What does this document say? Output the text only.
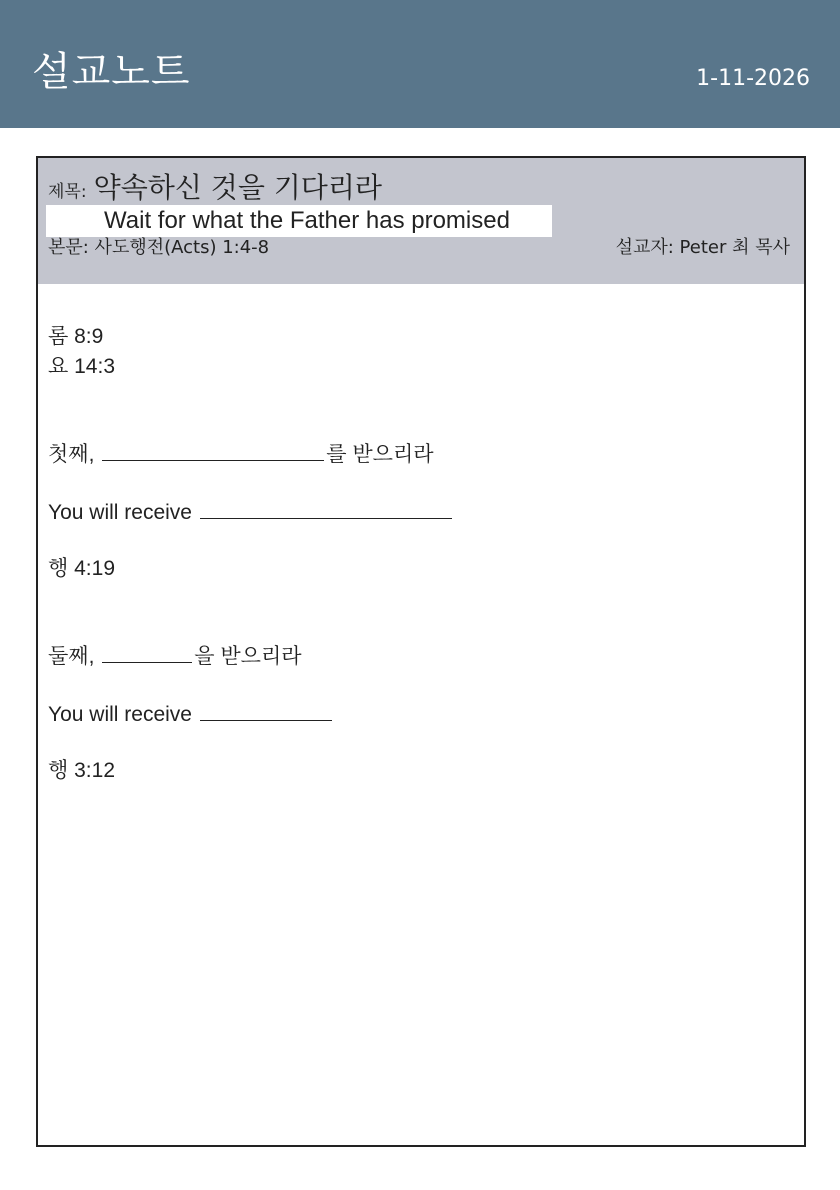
설교노트	1-11-2026
제목: 약속하신 것을 기다리라
Wait for what the Father has promised
본문: 사도행전(Acts) 1:4-8	설교자: Peter 최 목사
롬 8:9
요 14:3
첫째,	를 받으리라
You will receive
행 4:19
둘째,	을 받으리라
You will receive
행 3:12
